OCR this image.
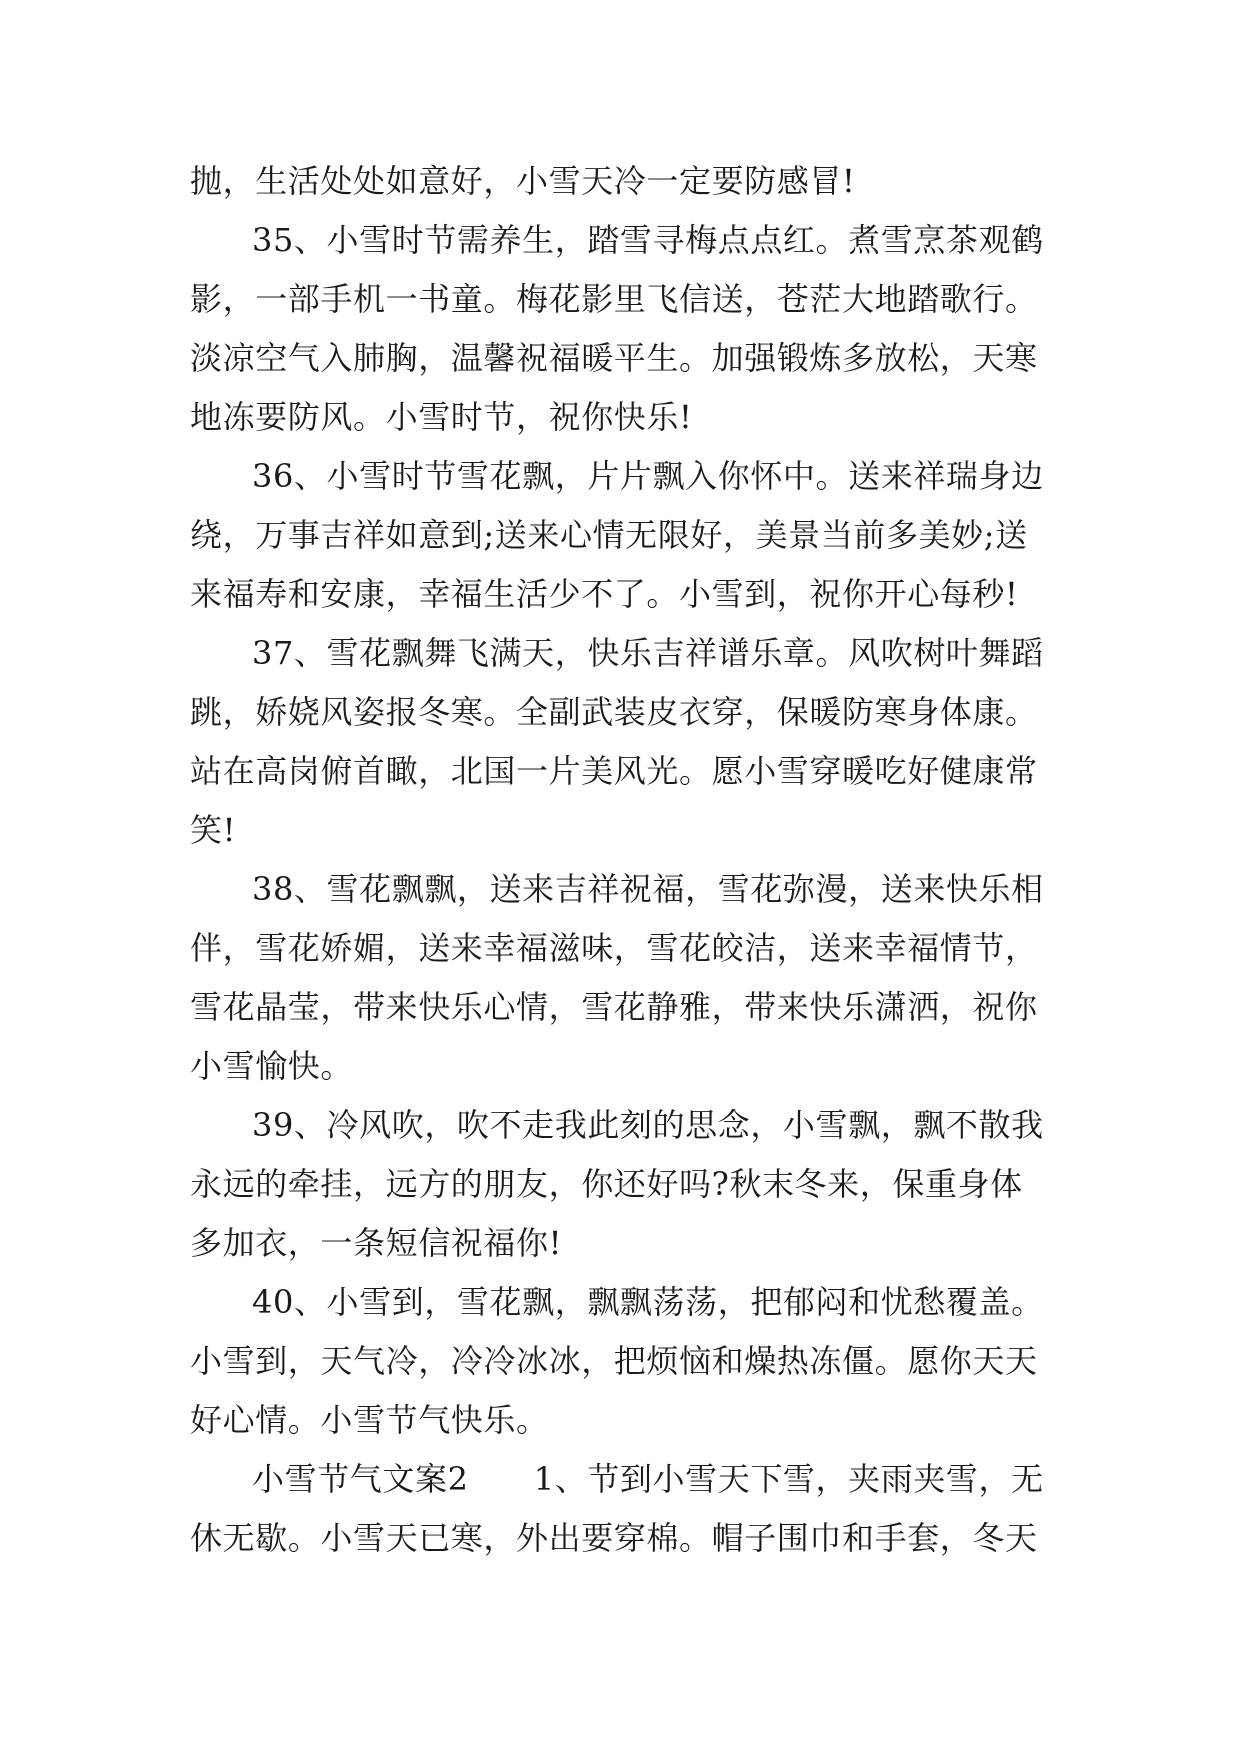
抛，生活处处如意好，小雪天冷一定要防感冒!
35、小雪时节需养生，踏雪寻梅点点红。煮雪烹茶观鹤
影，一部手机一书童。梅花影里飞信送，苍茫大地踏歌行。
淡凉空气入肺胸，温馨祝福暖平生。加强锻炼多放松，天寒
地冻要防风。小雪时节，祝你快乐!
36、小雪时节雪花飘，片片飘入你怀中。送来祥瑞身边
绕，万事吉祥如意到;送来心情无限好，美景当前多美妙;送
来福寿和安康，幸福生活少不了。小雪到，祝你开心每秒!
37、雪花飘舞飞满天，快乐吉祥谱乐章。风吹树叶舞蹈
跳，娇娆风姿报冬寒。全副武装皮衣穿，保暖防寒身体康。
站在高岗俯首瞰，北国一片美风光。愿小雪穿暖吃好健康常
笑!
38、雪花飘飘，送来吉祥祝福，雪花弥漫，送来快乐相
伴，雪花娇媚，送来幸福滋味，雪花皎洁，送来幸福情节，
雪花晶莹，带来快乐心情，雪花静雅，带来快乐潇洒，祝你
小雪愉快。
39、冷风吹，吹不走我此刻的思念，小雪飘，飘不散我
永远的牵挂，远方的朋友，你还好吗?秋末冬来，保重身体
多加衣，一条短信祝福你!
40、小雪到，雪花飘，飘飘荡荡，把郁闷和忧愁覆盖。
小雪到，天气冷，冷冷冰冰，把烦恼和燥热冻僵。愿你天天
好心情。小雪节气快乐。
小雪节气文案2　　1、节到小雪天下雪，夹雨夹雪，无
休无歇。小雪天已寒，外出要穿棉。帽子围巾和手套，冬天
